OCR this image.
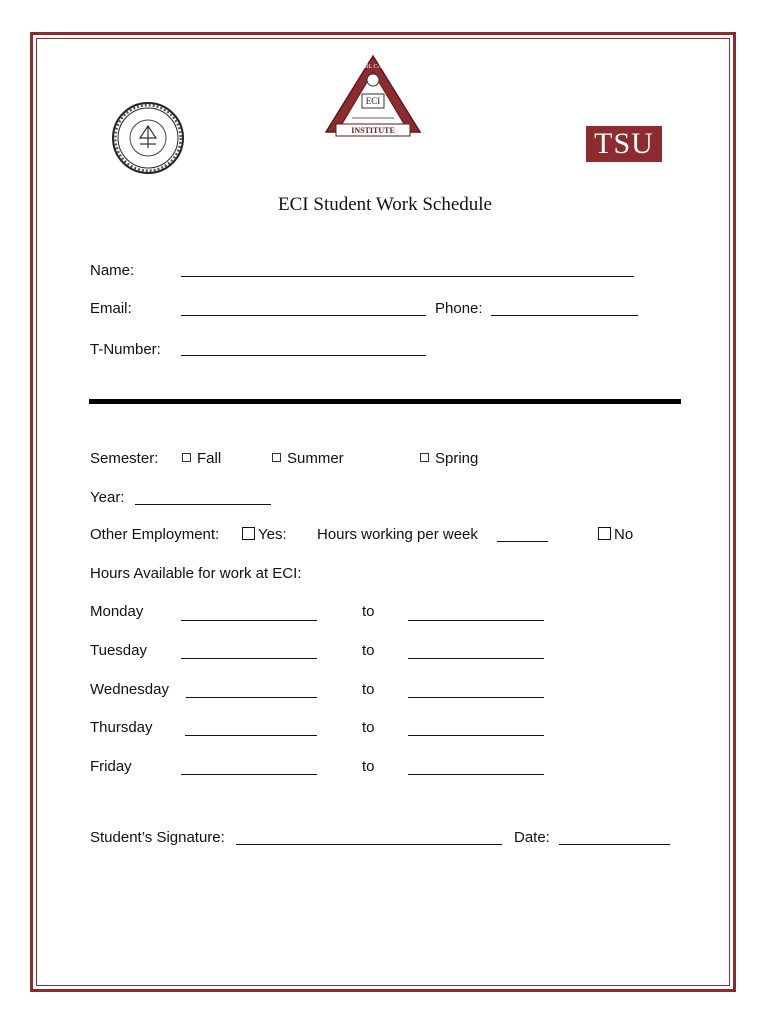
ECI
INSTITUTE
EARL CARL
TSU
ECI Student Work Schedule
Name:
Email:	Phone:
T-Number:
Semester:	Fall	Summer	Spring
Year:
Other Employment:	Yes: Hours working per week	No
Hours Available for work at ECI:
Monday	to
Tuesday	to
Wednesday	to
Thursday	to
Friday	to
Student’s Signature:	Date:
